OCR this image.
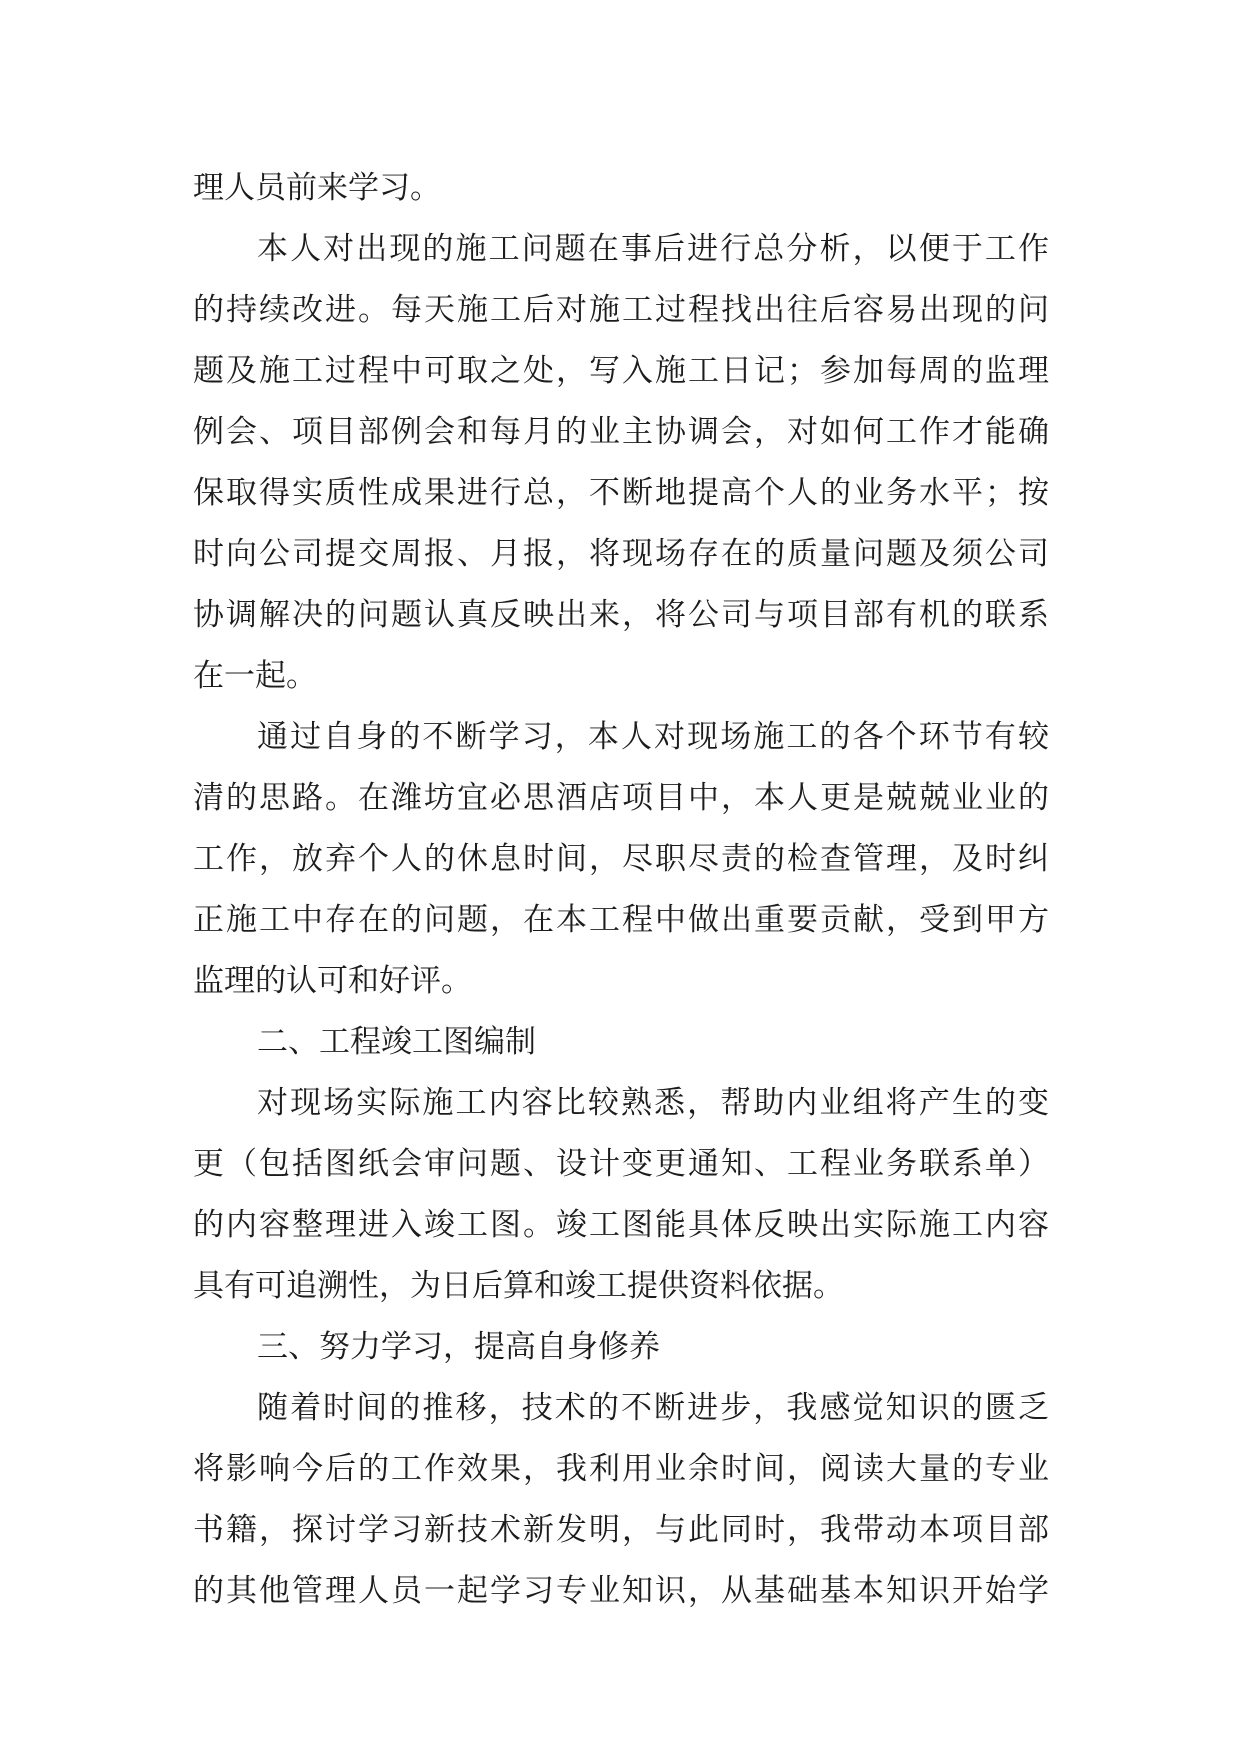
理人员前来学习。
本人对出现的施工问题在事后进行总分析，以便于工作
的持续改进。每天施工后对施工过程找出往后容易出现的问
题及施工过程中可取之处，写入施工日记；参加每周的监理
例会、项目部例会和每月的业主协调会，对如何工作才能确
保取得实质性成果进行总，不断地提高个人的业务水平；按
时向公司提交周报、月报，将现场存在的质量问题及须公司
协调解决的问题认真反映出来，将公司与项目部有机的联系
在一起。
通过自身的不断学习，本人对现场施工的各个环节有较
清的思路。在潍坊宜必思酒店项目中，本人更是兢兢业业的
工作，放弃个人的休息时间，尽职尽责的检查管理，及时纠
正施工中存在的问题，在本工程中做出重要贡献，受到甲方
监理的认可和好评。
二、工程竣工图编制
对现场实际施工内容比较熟悉，帮助内业组将产生的变
更（包括图纸会审问题、设计变更通知、工程业务联系单）
的内容整理进入竣工图。竣工图能具体反映出实际施工内容
具有可追溯性，为日后算和竣工提供资料依据。
三、努力学习，提高自身修养
随着时间的推移，技术的不断进步，我感觉知识的匮乏
将影响今后的工作效果，我利用业余时间，阅读大量的专业
书籍，探讨学习新技术新发明，与此同时，我带动本项目部
的其他管理人员一起学习专业知识，从基础基本知识开始学
